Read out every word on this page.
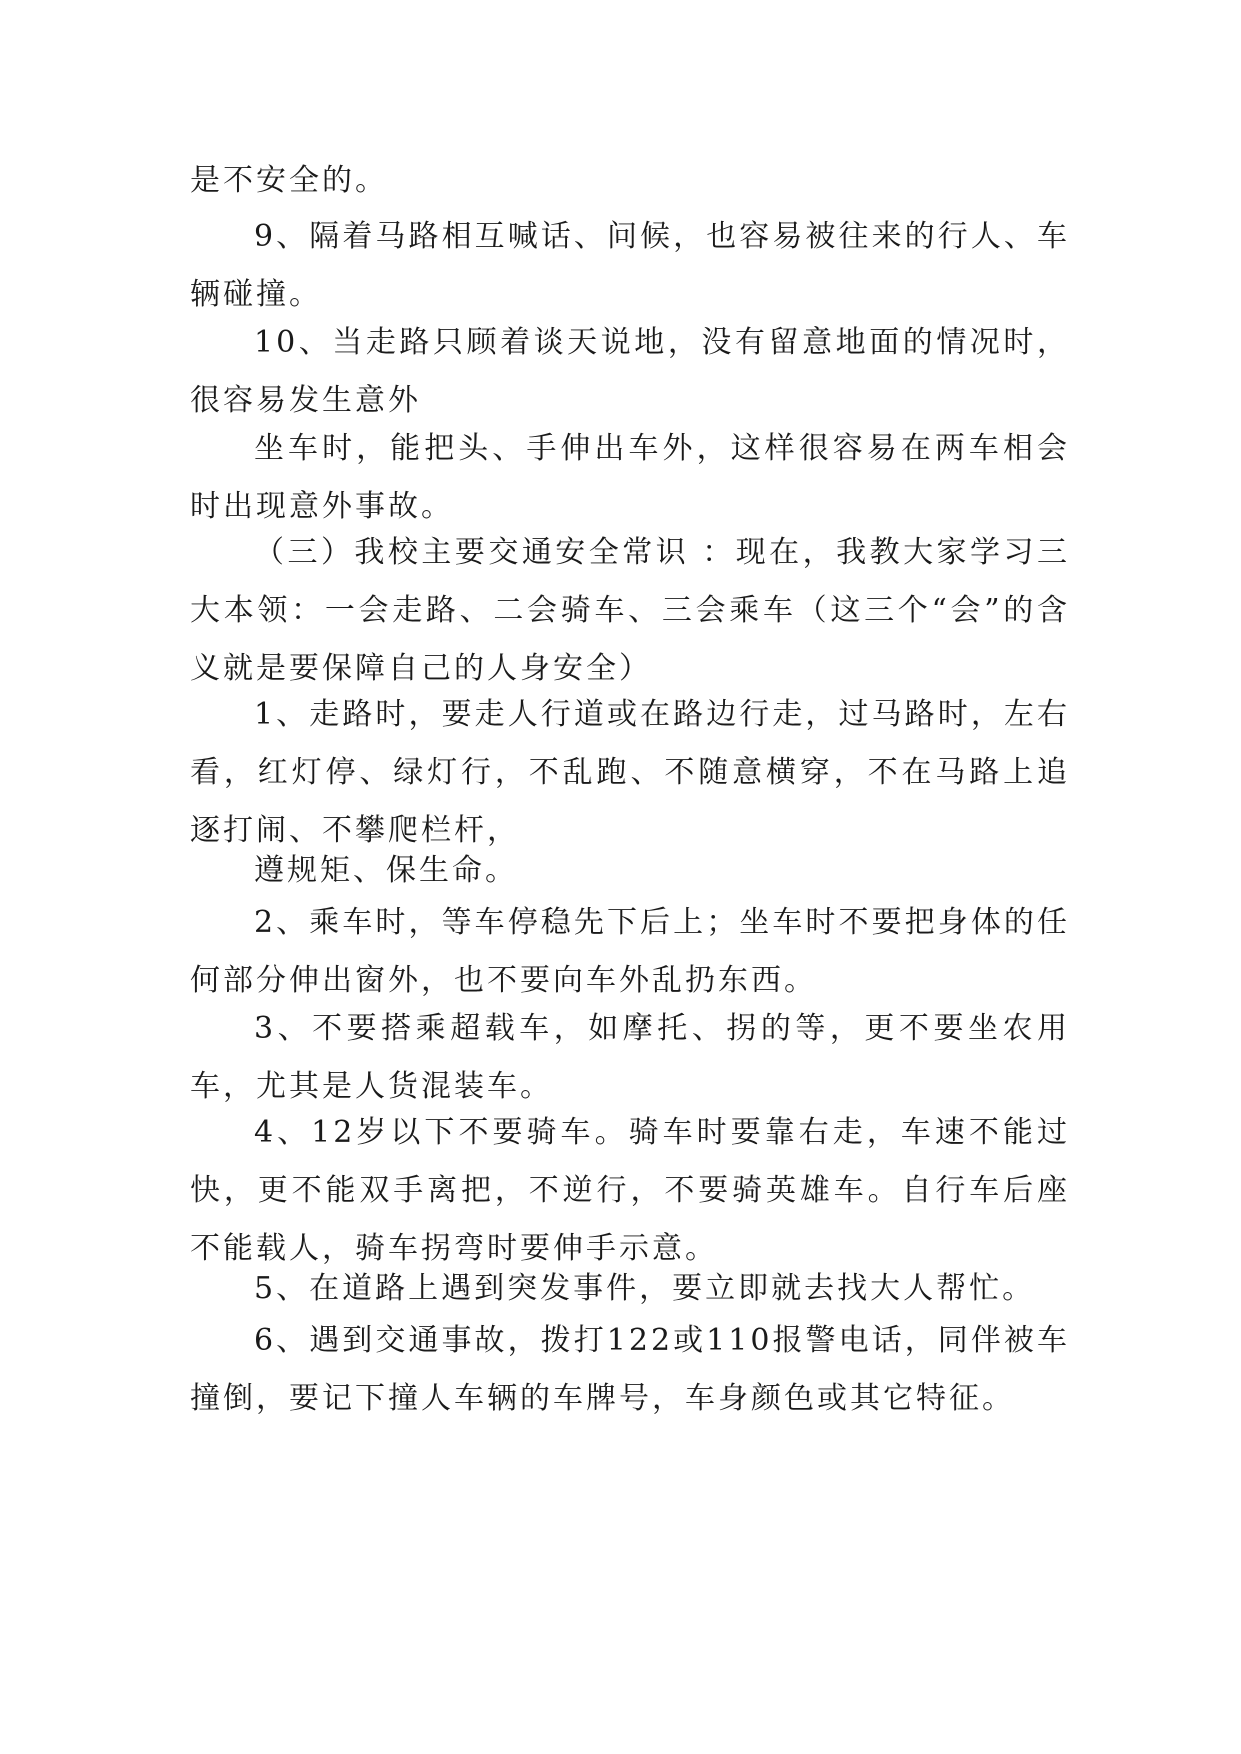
是不安全的。

9、隔着马路相互喊话、问候，也容易被往来的行人、车辆碰撞。

10、当走路只顾着谈天说地，没有留意地面的情况时，很容易发生意外

坐车时，能把头、手伸出车外，这样很容易在两车相会时出现意外事故。

（三）我校主要交通安全常识 ：现在，我教大家学习三大本领：一会走路、二会骑车、三会乘车（这三个“会”的含义就是要保障自己的人身安全）

1、走路时，要走人行道或在路边行走，过马路时，左右看，红灯停、绿灯行，不乱跑、不随意横穿，不在马路上追逐打闹、不攀爬栏杆，

遵规矩、保生命。

2、乘车时，等车停稳先下后上；坐车时不要把身体的任何部分伸出窗外，也不要向车外乱扔东西。

3、不要搭乘超载车，如摩托、拐的等，更不要坐农用车，尤其是人货混装车。

4、12岁以下不要骑车。骑车时要靠右走，车速不能过快，更不能双手离把，不逆行，不要骑英雄车。自行车后座不能载人，骑车拐弯时要伸手示意。

5、在道路上遇到突发事件，要立即就去找大人帮忙。

6、遇到交通事故，拨打122或110报警电话，同伴被车撞倒，要记下撞人车辆的车牌号，车身颜色或其它特征。
